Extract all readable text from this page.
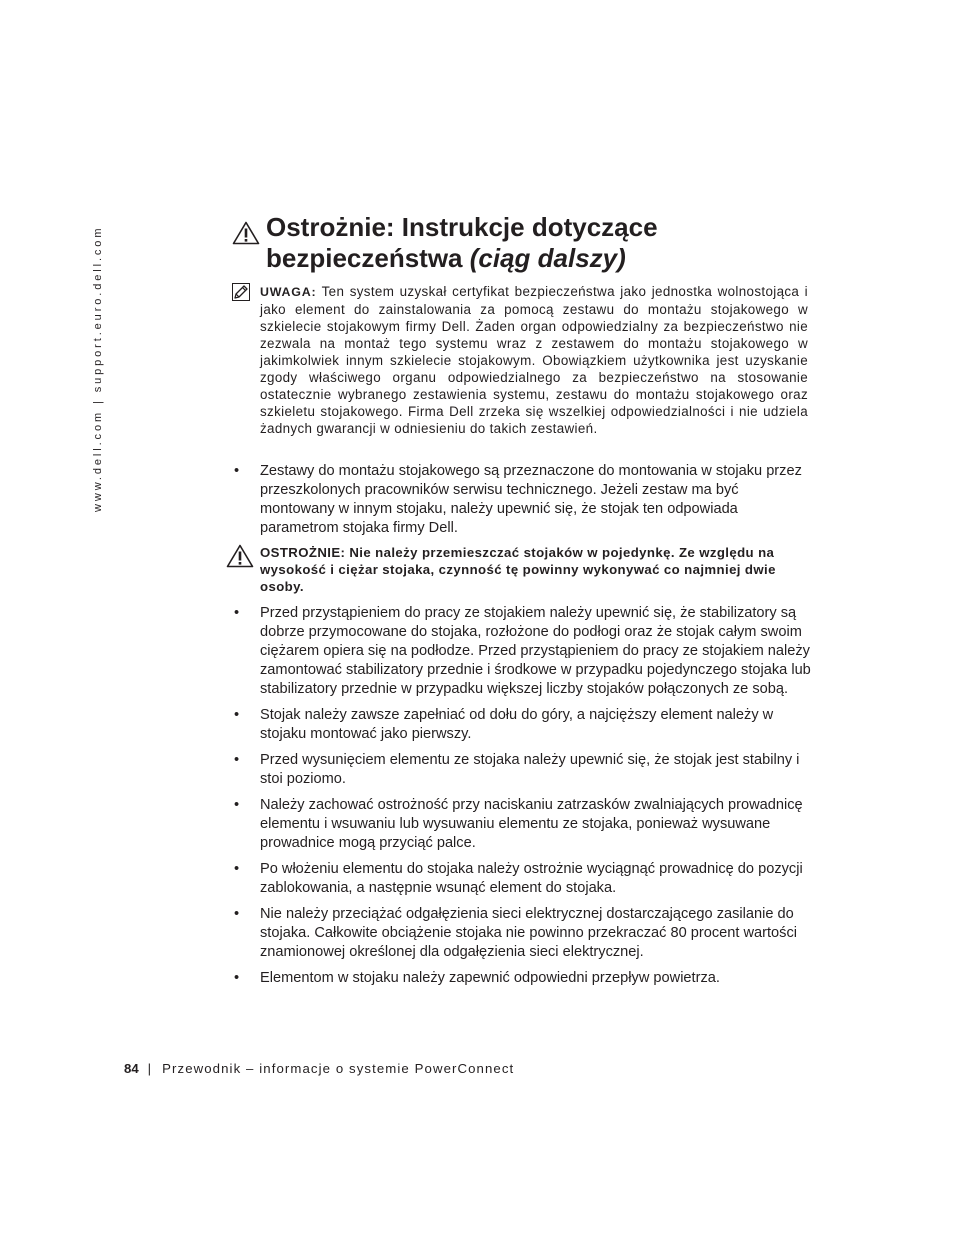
www.dell.com | support.euro.dell.com	Ostrożnie: Instrukcje dotyczące
bezpieczeństwa (ciąg dalszy)
UWAGA: Ten system uzyskał certyfikat bezpieczeństwa jako jednostka wolnostojąca i jako element do zainstalowania za pomocą zestawu do montażu stojakowego w szkielecie stojakowym firmy Dell. Żaden organ odpowiedzialny za bezpieczeństwo nie zezwala na montaż tego systemu wraz z zestawem do montażu stojakowego w jakimkolwiek innym szkielecie stojakowym. Obowiązkiem użytkownika jest uzyskanie zgody właściwego organu odpowiedzialnego za bezpieczeństwo na stosowanie ostatecznie wybranego zestawienia systemu, zestawu do montażu stojakowego oraz szkieletu stojakowego. Firma Dell zrzeka się wszelkiej odpowiedzialności i nie udziela żadnych gwarancji w odniesieniu do takich zestawień.
• Zestawy do montażu stojakowego są przeznaczone do montowania w stojaku przez przeszkolonych pracowników serwisu technicznego. Jeżeli zestaw ma być montowany w innym stojaku, należy upewnić się, że stojak ten odpowiada parametrom stojaka firmy Dell.
OSTROŻNIE: Nie należy przemieszczać stojaków w pojedynkę. Ze względu na wysokość i ciężar stojaka, czynność tę powinny wykonywać co najmniej dwie osoby.
• Przed przystąpieniem do pracy ze stojakiem należy upewnić się, że stabilizatory są dobrze przymocowane do stojaka, rozłożone do podłogi oraz że stojak całym swoim ciężarem opiera się na podłodze. Przed przystąpieniem do pracy ze stojakiem należy zamontować stabilizatory przednie i środkowe w przypadku pojedynczego stojaka lub stabilizatory przednie w przypadku większej liczby stojaków połączonych ze sobą.
• Stojak należy zawsze zapełniać od dołu do góry, a najcięższy element należy w stojaku montować jako pierwszy.
• Przed wysunięciem elementu ze stojaka należy upewnić się, że stojak jest stabilny i stoi poziomo.
• Należy zachować ostrożność przy naciskaniu zatrzasków zwalniających prowadnicę elementu i wsuwaniu lub wysuwaniu elementu ze stojaka, ponieważ wysuwane prowadnice mogą przyciąć palce.
• Po włożeniu elementu do stojaka należy ostrożnie wyciągnąć prowadnicę do pozycji zablokowania, a następnie wsunąć element do stojaka.
• Nie należy przeciążać odgałęzienia sieci elektrycznej dostarczającego zasilanie do stojaka. Całkowite obciążenie stojaka nie powinno przekraczać 80 procent wartości znamionowej określonej dla odgałęzienia sieci elektrycznej.
• Elementom w stojaku należy zapewnić odpowiedni przepływ powietrza.
84 | Przewodnik – informacje o systemie PowerConnect
